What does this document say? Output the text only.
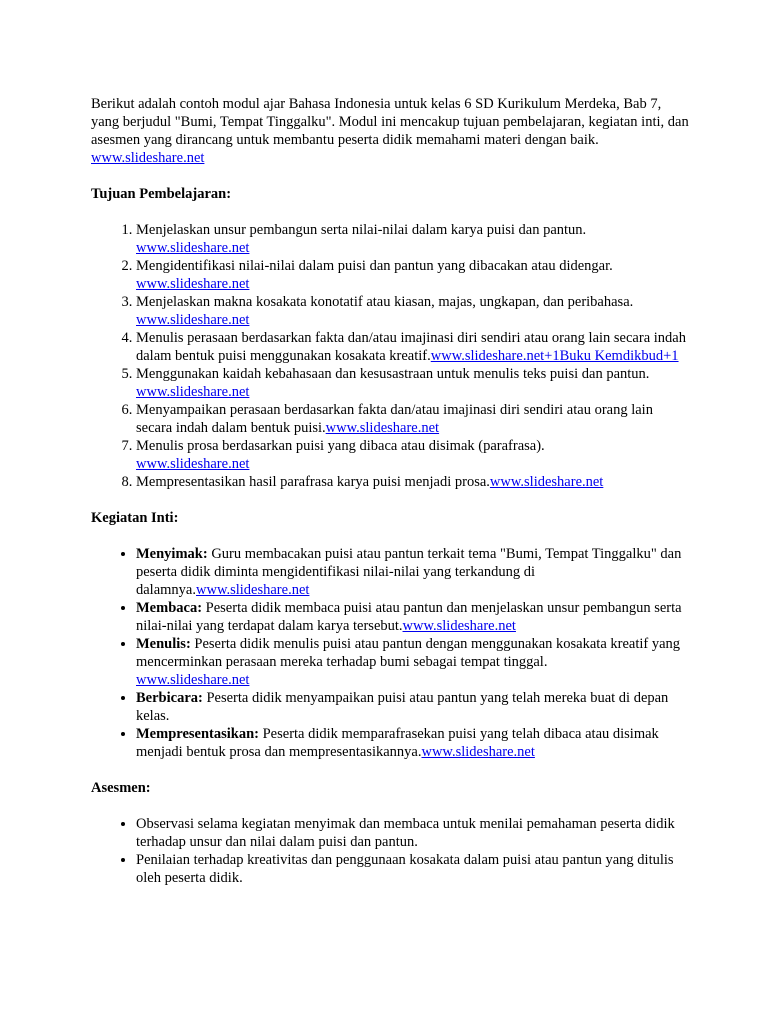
Berikut adalah contoh modul ajar Bahasa Indonesia untuk kelas 6 SD Kurikulum Merdeka, Bab 7, yang berjudul "Bumi, Tempat Tinggalku". Modul ini mencakup tujuan pembelajaran, kegiatan inti, dan asesmen yang dirancang untuk membantu peserta didik memahami materi dengan baik. www.slideshare.net

Tujuan Pembelajaran:
1. Menjelaskan unsur pembangun serta nilai-nilai dalam karya puisi dan pantun.
www.slideshare.net
2. Mengidentifikasi nilai-nilai dalam puisi dan pantun yang dibacakan atau didengar.
www.slideshare.net
3. Menjelaskan makna kosakata konotatif atau kiasan, majas, ungkapan, dan peribahasa.
www.slideshare.net
4. Menulis perasaan berdasarkan fakta dan/atau imajinasi diri sendiri atau orang lain secara indah dalam bentuk puisi menggunakan kosakata kreatif.www.slideshare.net+1Buku Kemdikbud+1
5. Menggunakan kaidah kebahasaan dan kesusastraan untuk menulis teks puisi dan pantun.
www.slideshare.net
6. Menyampaikan perasaan berdasarkan fakta dan/atau imajinasi diri sendiri atau orang lain secara indah dalam bentuk puisi.www.slideshare.net
7. Menulis prosa berdasarkan puisi yang dibaca atau disimak (parafrasa).
www.slideshare.net
8. Mempresentasikan hasil parafrasa karya puisi menjadi prosa.www.slideshare.net
Kegiatan Inti:
• Menyimak: Guru membacakan puisi atau pantun terkait tema "Bumi, Tempat Tinggalku" dan peserta didik diminta mengidentifikasi nilai-nilai yang terkandung di dalamnya.www.slideshare.net
• Membaca: Peserta didik membaca puisi atau pantun dan menjelaskan unsur pembangun serta nilai-nilai yang terdapat dalam karya tersebut.www.slideshare.net
• Menulis: Peserta didik menulis puisi atau pantun dengan menggunakan kosakata kreatif yang mencerminkan perasaan mereka terhadap bumi sebagai tempat tinggal.
www.slideshare.net
• Berbicara: Peserta didik menyampaikan puisi atau pantun yang telah mereka buat di depan kelas.
• Mempresentasikan: Peserta didik memparafrasekan puisi yang telah dibaca atau disimak menjadi bentuk prosa dan mempresentasikannya.www.slideshare.net
Asesmen:
• Observasi selama kegiatan menyimak dan membaca untuk menilai pemahaman peserta didik terhadap unsur dan nilai dalam puisi dan pantun.
• Penilaian terhadap kreativitas dan penggunaan kosakata dalam puisi atau pantun yang ditulis oleh peserta didik.
